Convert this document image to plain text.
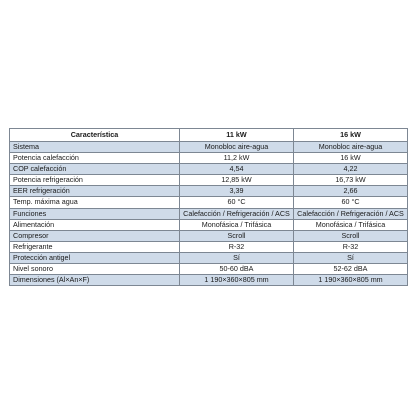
Característica	11 kW	16 kW
Sistema	Monobloc aire-agua	Monobloc aire-agua
Potencia calefacción	11,2 kW	16 kW
COP calefacción	4,54	4,22
Potencia refrigeración	12,85 kW	16,73 kW
EER refrigeración	3,39	2,66
Temp. máxima agua	60 °C	60 °C
Funciones	Calefacción / Refrigeración / ACS	Calefacción / Refrigeración / ACS
Alimentación	Monofásica / Trifásica	Monofásica / Trifásica
Compresor	Scroll	Scroll
Refrigerante	R-32	R-32
Protección antigel	Sí	Sí
Nivel sonoro	50-60 dBA	52-62 dBA
Dimensiones (Al×An×F)	1 190×360×805 mm	1 190×360×805 mm
